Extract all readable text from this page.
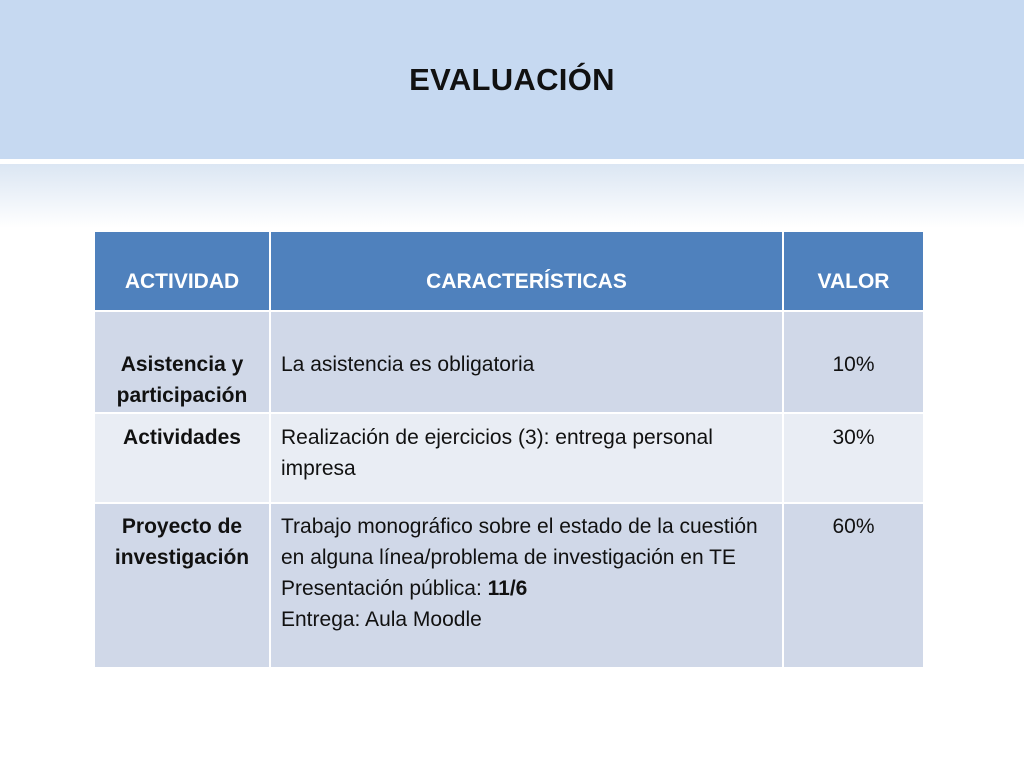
EVALUACIÓN
ACTIVIDAD	CARACTERÍSTICAS	VALOR

Asistencia y
participación	La asistencia es obligatoria	10%
Actividades	Realización de ejercicios (3): entrega personal impresa	30%

Proyecto de
investigación	Trabajo monográfico sobre el estado de la cuestión en alguna línea/problema de investigación en TE
Presentación pública: 11/6
Entrega: Aula Moodle	60%
